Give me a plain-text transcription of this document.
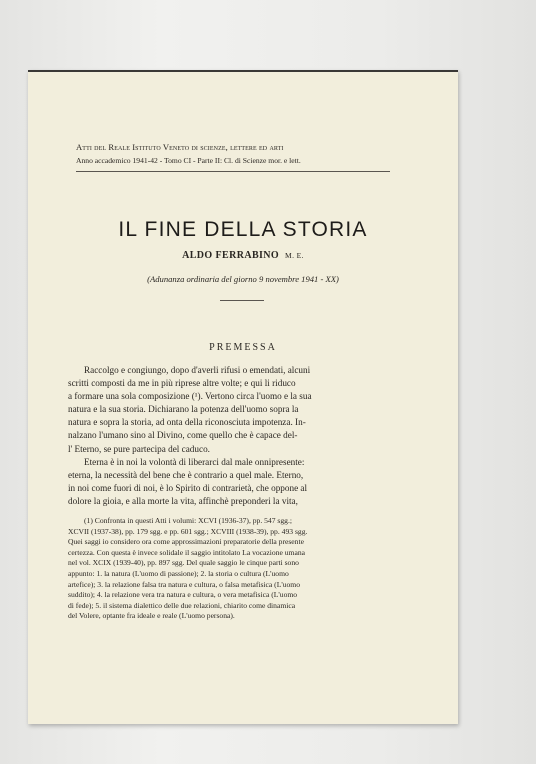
Atti del Reale Istituto Veneto di scienze, lettere ed arti
Anno accademico 1941-42 - Tomo CI - Parte II: Cl. di Scienze mor. e lett.
IL FINE DELLA STORIA
ALDO FERRABINO M. E.
(Adunanza ordinaria del giorno 9 novembre 1941 - XX)
PREMESSA
Raccolgo e congiungo, dopo d'averli rifusi o emendati, alcuni
scritti composti da me in più riprese altre volte; e qui li riduco
a formare una sola composizione (¹). Vertono circa l'uomo e la sua
natura e la sua storia. Dichiarano la potenza dell'uomo sopra la
natura e sopra la storia, ad onta della riconosciuta impotenza. In-
nalzano l'umano sino al Divino, come quello che è capace del-
l' Eterno, se pure partecipa del caduco.
Eterna è in noi la volontà di liberarci dal male onnipresente:
eterna, la necessità del bene che è contrario a quel male. Eterno,
in noi come fuori di noi, è lo Spirito di contrarietà, che oppone al
dolore la gioia, e alla morte la vita, affinchè preponderi la vita,
(1) Confronta in questi Atti i volumi: XCVI (1936-37), pp. 547 sgg.;
XCVII (1937-38), pp. 179 sgg. e pp. 601 sgg.; XCVIII (1938-39), pp. 493 sgg.
Quei saggi io considero ora come approssimazioni preparatorie della presente
certezza. Con questa è invece solidale il saggio intitolato La vocazione umana
nel vol. XCIX (1939-40), pp. 897 sgg. Del quale saggio le cinque parti sono
appunto: 1. la natura (L'uomo di passione); 2. la storia o cultura (L'uomo
artefice); 3. la relazione falsa tra natura e cultura, o falsa metafisica (L'uomo
suddito); 4. la relazione vera tra natura e cultura, o vera metafisica (L'uomo
di fede); 5. il sistema dialettico delle due relazioni, chiarito come dinamica
del Volere, optante fra ideale e reale (L'uomo persona).
